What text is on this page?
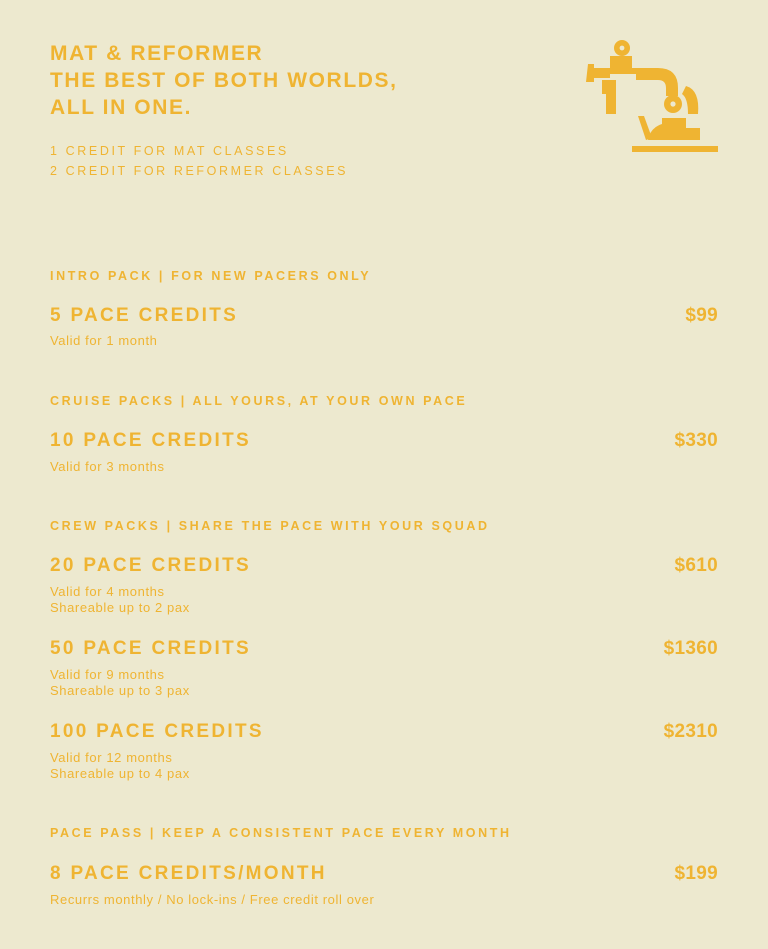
MAT & REFORMER
THE BEST OF BOTH WORLDS,
ALL IN ONE.
1 CREDIT FOR MAT CLASSES
2 CREDIT FOR REFORMER CLASSES
INTRO PACK | FOR NEW PACERS ONLY
5 PACE CREDITS	$99
Valid for 1 month
CRUISE PACKS | ALL YOURS, AT YOUR OWN PACE
10 PACE CREDITS	$330
Valid for 3 months
CREW PACKS | SHARE THE PACE WITH YOUR SQUAD
20 PACE CREDITS	$610
Valid for 4 months
Shareable up to 2 pax
50 PACE CREDITS	$1360
Valid for 9 months
Shareable up to 3 pax
100 PACE CREDITS	$2310
Valid for 12 months
Shareable up to 4 pax
PACE PASS | KEEP A CONSISTENT PACE EVERY MONTH
8 PACE CREDITS/MONTH	$199
Recurrs monthly / No lock-ins / Free credit roll over
